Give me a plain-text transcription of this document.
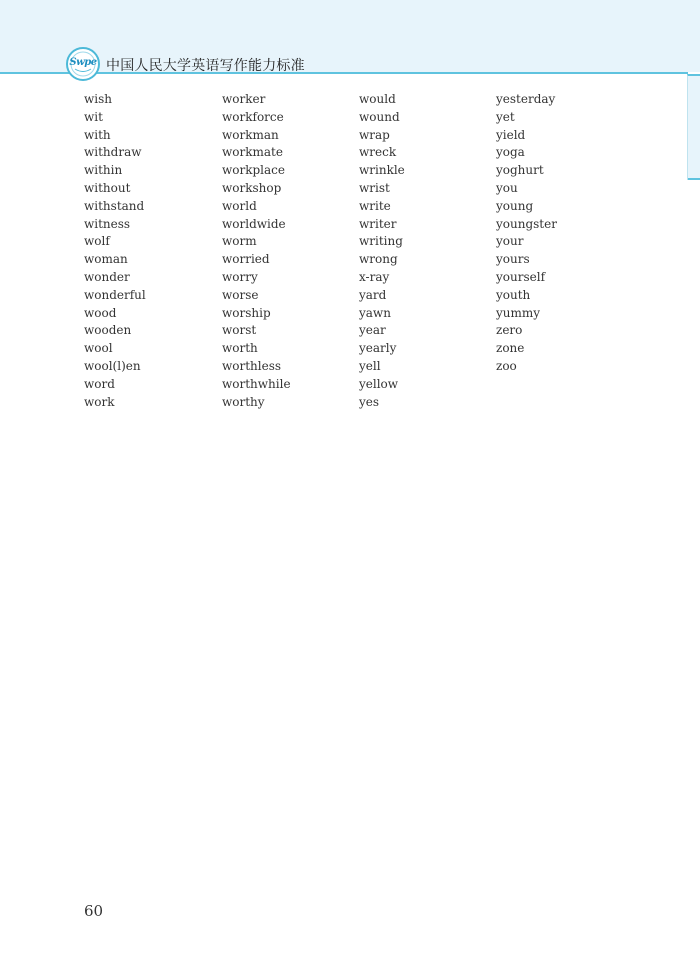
Swpe 中国人民大学英语写作能力标准
wish
wit
with
withdraw
within
without
withstand
witness
wolf
woman
wonder
wonderful
wood
wooden
wool
wool(l)en
word
work
worker
workforce
workman
workmate
workplace
workshop
world
worldwide
worm
worried
worry
worse
worship
worst
worth
worthless
worthwhile
worthy
would
wound
wrap
wreck
wrinkle
wrist
write
writer
writing
wrong
x-ray
yard
yawn
year
yearly
yell
yellow
yes
yesterday
yet
yield
yoga
yoghurt
you
young
youngster
your
yours
yourself
youth
yummy
zero
zone
zoo
60
